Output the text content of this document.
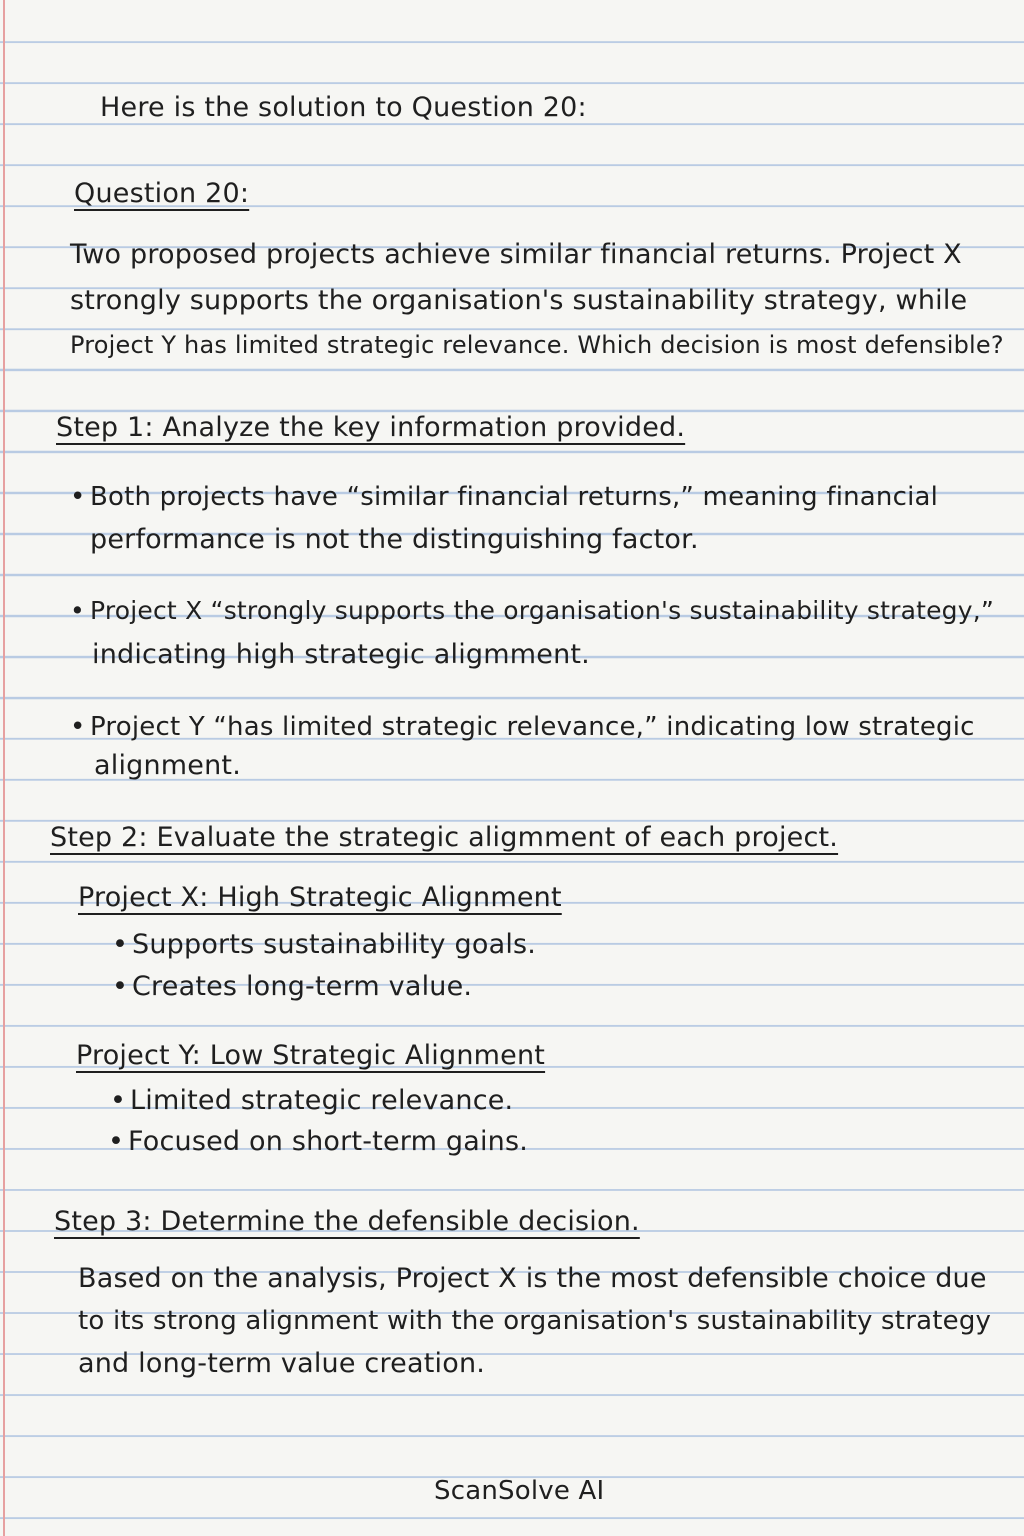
Here is the solution to Question 20:

Question 20:

Two proposed projects achieve similar financial returns. Project X

strongly supports the organisation's sustainability strategy, while

Project Y has limited strategic relevance. Which decision is most defensible?

Step 1: Analyze the key information provided.

• Both projects have “similar financial returns,” meaning financial

performance is not the distinguishing factor.

• Project X “strongly supports the organisation's sustainability strategy,”

indicating high strategic aligmment.

• Project Y “has limited strategic relevance,” indicating low strategic

alignment.

Step 2: Evaluate the strategic aligmment of each project.

Project X: High Strategic Alignment

• Supports sustainability goals.
• Creates long-term value.

Project Y: Low Strategic Alignment

• Limited strategic relevance.
• Focused on short-term gains.

Step 3: Determine the defensible decision.

Based on the analysis, Project X is the most defensible choice due

to its strong alignment with the organisation's sustainability strategy

and long-term value creation.

ScanSolve AI
